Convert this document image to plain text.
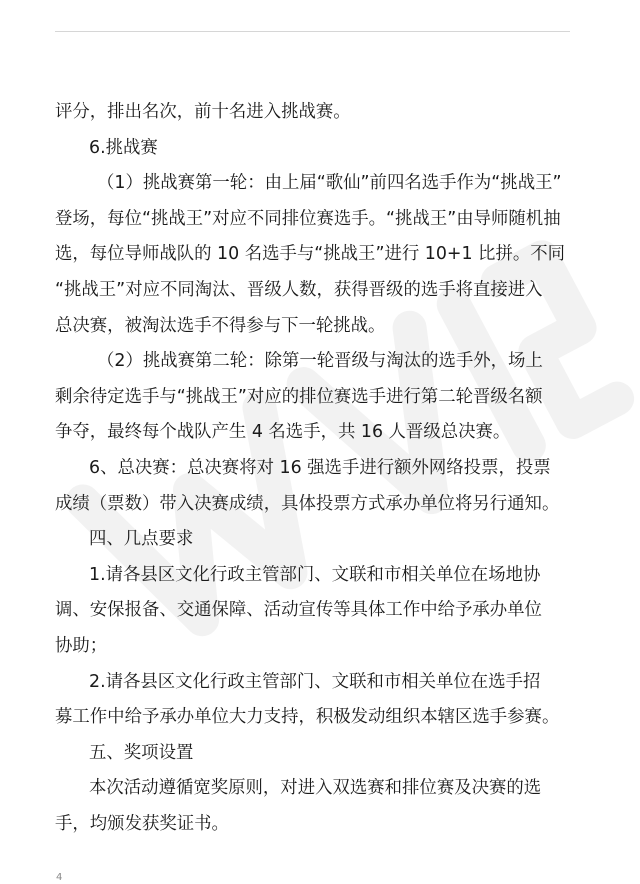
评分，排出名次，前十名进入挑战赛。
6.挑战赛
（1）挑战赛第一轮：由上届“歌仙”前四名选手作为“挑战王”
登场，每位“挑战王”对应不同排位赛选手。“挑战王”由导师随机抽
选，每位导师战队的 10 名选手与“挑战王”进行 10+1 比拼。不同
“挑战王”对应不同淘汰、晋级人数，获得晋级的选手将直接进入
总决赛，被淘汰选手不得参与下一轮挑战。
（2）挑战赛第二轮：除第一轮晋级与淘汰的选手外，场上
剩余待定选手与“挑战王”对应的排位赛选手进行第二轮晋级名额
争夺，最终每个战队产生 4 名选手，共 16 人晋级总决赛。
6、总决赛：总决赛将对 16 强选手进行额外网络投票，投票
成绩（票数）带入决赛成绩，具体投票方式承办单位将另行通知。
四、几点要求
1.请各县区文化行政主管部门、文联和市相关单位在场地协
调、安保报备、交通保障、活动宣传等具体工作中给予承办单位
协助；
2.请各县区文化行政主管部门、文联和市相关单位在选手招
募工作中给予承办单位大力支持，积极发动组织本辖区选手参赛。
五、奖项设置
本次活动遵循宽奖原则，对进入双选赛和排位赛及决赛的选
手，均颁发获奖证书。
4
